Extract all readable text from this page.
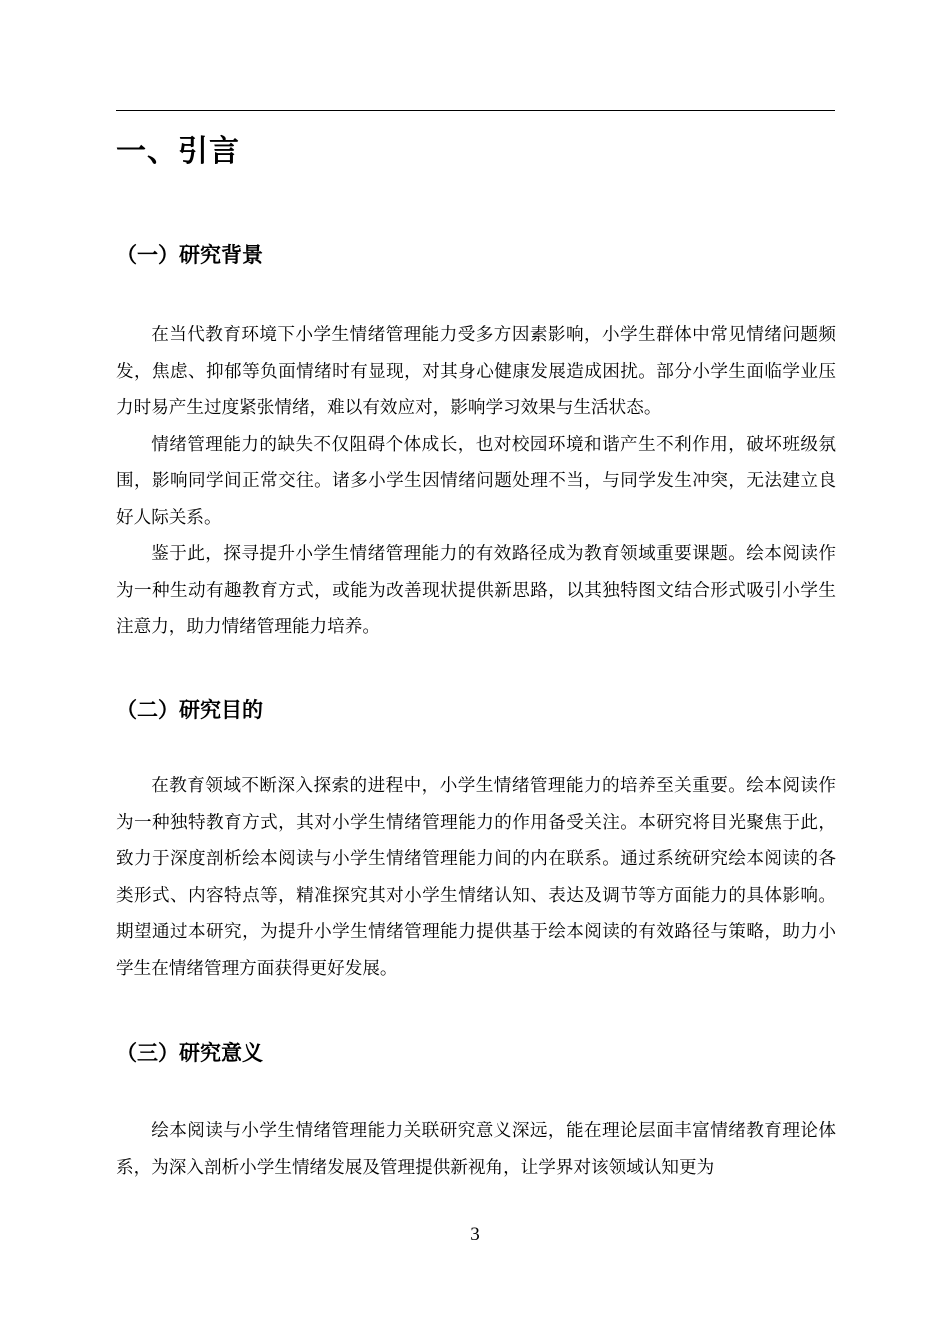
一、引言
（一）研究背景

在当代教育环境下小学生情绪管理能力受多方因素影响，小学生群体中常见情绪问题频发，焦虑、抑郁等负面情绪时有显现，对其身心健康发展造成困扰。部分小学生面临学业压力时易产生过度紧张情绪，难以有效应对，影响学习效果与生活状态。

情绪管理能力的缺失不仅阻碍个体成长，也对校园环境和谐产生不利作用，破坏班级氛围，影响同学间正常交往。诸多小学生因情绪问题处理不当，与同学发生冲突，无法建立良好人际关系。

鉴于此，探寻提升小学生情绪管理能力的有效路径成为教育领域重要课题。绘本阅读作为一种生动有趣教育方式，或能为改善现状提供新思路，以其独特图文结合形式吸引小学生注意力，助力情绪管理能力培养。

（二）研究目的

在教育领域不断深入探索的进程中，小学生情绪管理能力的培养至关重要。绘本阅读作为一种独特教育方式，其对小学生情绪管理能力的作用备受关注。本研究将目光聚焦于此，致力于深度剖析绘本阅读与小学生情绪管理能力间的内在联系。通过系统研究绘本阅读的各类形式、内容特点等，精准探究其对小学生情绪认知、表达及调节等方面能力的具体影响。期望通过本研究，为提升小学生情绪管理能力提供基于绘本阅读的有效路径与策略，助力小学生在情绪管理方面获得更好发展。

（三）研究意义

绘本阅读与小学生情绪管理能力关联研究意义深远，能在理论层面丰富情绪教育理论体系，为深入剖析小学生情绪发展及管理提供新视角，让学界对该领域认知更为

3
